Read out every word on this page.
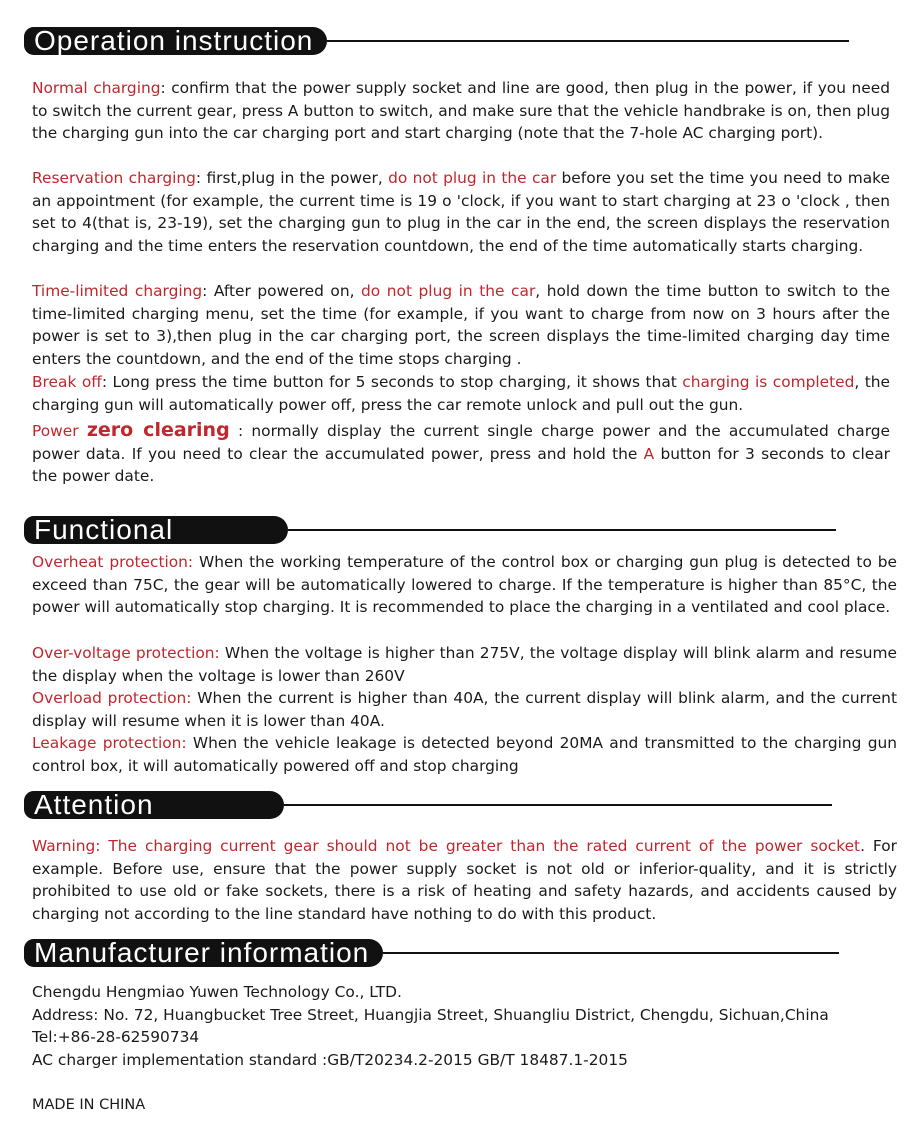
Operation instruction

Normal charging: confirm that the power supply socket and line are good, then plug in the power, if you need to switch the current gear, press A button to switch, and make sure that the vehicle handbrake is on, then plug the charging gun into the car charging port and start charging (note that the 7-hole AC charging port).

Reservation charging: first,plug in the power, do not plug in the car before you set the time you need to make an appointment (for example, the current time is 19 o 'clock, if you want to start charging at 23 o 'clock , then set to 4(that is, 23-19), set the charging gun to plug in the car in the end, the screen displays the reservation charging and the time enters the reservation countdown, the end of the time automatically starts charging.

Time-limited charging: After powered on, do not plug in the car, hold down the time button to switch to the time-limited charging menu, set the time (for example, if you want to charge from now on 3 hours after the power is set to 3),then plug in the car charging port, the screen displays the time-limited charging day time enters the countdown, and the end of the time stops charging .

Break off: Long press the time button for 5 seconds to stop charging, it shows that charging is completed, the charging gun will automatically power off, press the car remote unlock and pull out the gun.

Power zero clearing : normally display the current single charge power and the accumulated charge power data. If you need to clear the accumulated power, press and hold the A button for 3 seconds to clear the power date.

Functional

Overheat protection: When the working temperature of the control box or charging gun plug is detected to be exceed than 75C, the gear will be automatically lowered to charge. If the temperature is higher than 85°C, the power will automatically stop charging. It is recommended to place the charging in a ventilated and cool place.

Over-voltage protection: When the voltage is higher than 275V, the voltage display will blink alarm and resume the display when the voltage is lower than 260V

Overload protection: When the current is higher than 40A, the current display will blink alarm, and the current display will resume when it is lower than 40A.

Leakage protection: When the vehicle leakage is detected beyond 20MA and transmitted to the charging gun control box, it will automatically powered off and stop charging

Attention

Warning: The charging current gear should not be greater than the rated current of the power socket. For example. Before use, ensure that the power supply socket is not old or inferior-quality, and it is strictly prohibited to use old or fake sockets, there is a risk of heating and safety hazards, and accidents caused by charging not according to the line standard have nothing to do with this product.

Manufacturer information

Chengdu Hengmiao Yuwen Technology Co., LTD.

Address: No. 72, Huangbucket Tree Street, Huangjia Street, Shuangliu District, Chengdu, Sichuan,China

Tel:+86-28-62590734

AC charger implementation standard :GB/T20234.2-2015 GB/T 18487.1-2015

MADE IN CHINA
